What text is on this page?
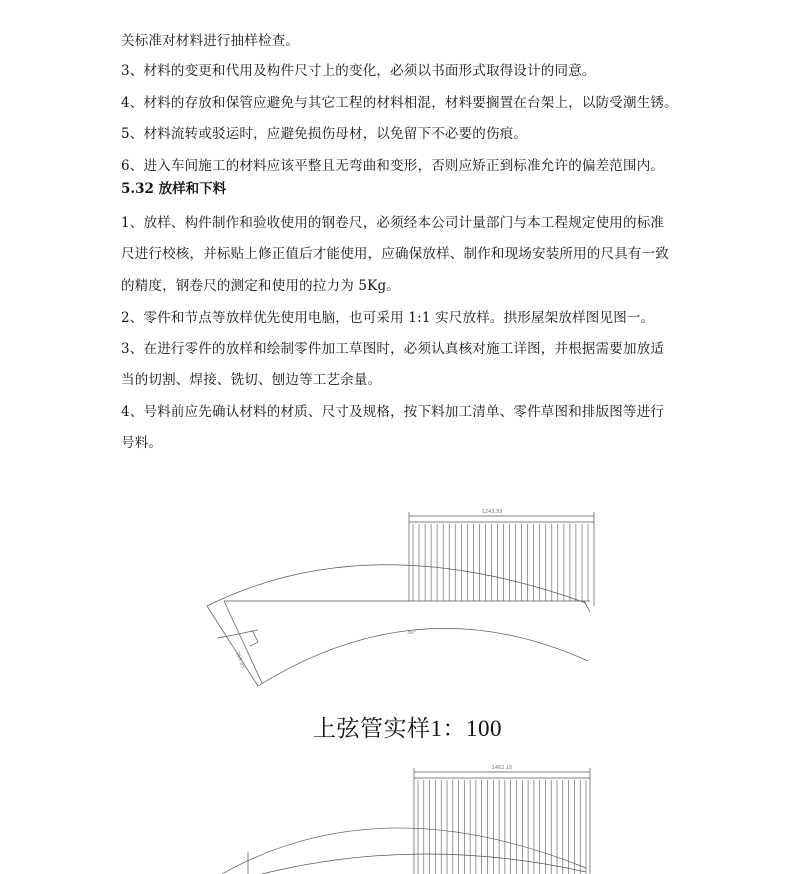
关标准对材料进行抽样检查。
3、材料的变更和代用及构件尺寸上的变化，必须以书面形式取得设计的同意。
4、材料的存放和保管应避免与其它工程的材料相混，材料要搁置在台架上，以防受潮生锈。
5、材料流转或驳运时，应避免损伤母材，以免留下不必要的伤痕。
6、进入车间施工的材料应该平整且无弯曲和变形，否则应矫正到标准允许的偏差范围内。
5.32 放样和下料
1、放样、构件制作和验收使用的钢卷尺，必须经本公司计量部门与本工程规定使用的标准
尺进行校核，并标贴上修正值后才能使用，应确保放样、制作和现场安装所用的尺具有一致
的精度，钢卷尺的测定和使用的拉力为 5Kg。
2、零件和节点等放样优先使用电脑，也可采用 1:1 实尺放样。拱形屋架放样图见图一。
3、在进行零件的放样和绘制零件加工草图时，必须认真核对施工详图，并根据需要加放适
当的切割、焊接、铣切、刨边等工艺余量。
4、号料前应先确认材料的材质、尺寸及规格，按下料加工清单、零件草图和排版图等进行
号料。
1243.33
269.95
36°
上弦管实样1：100
1462.15
